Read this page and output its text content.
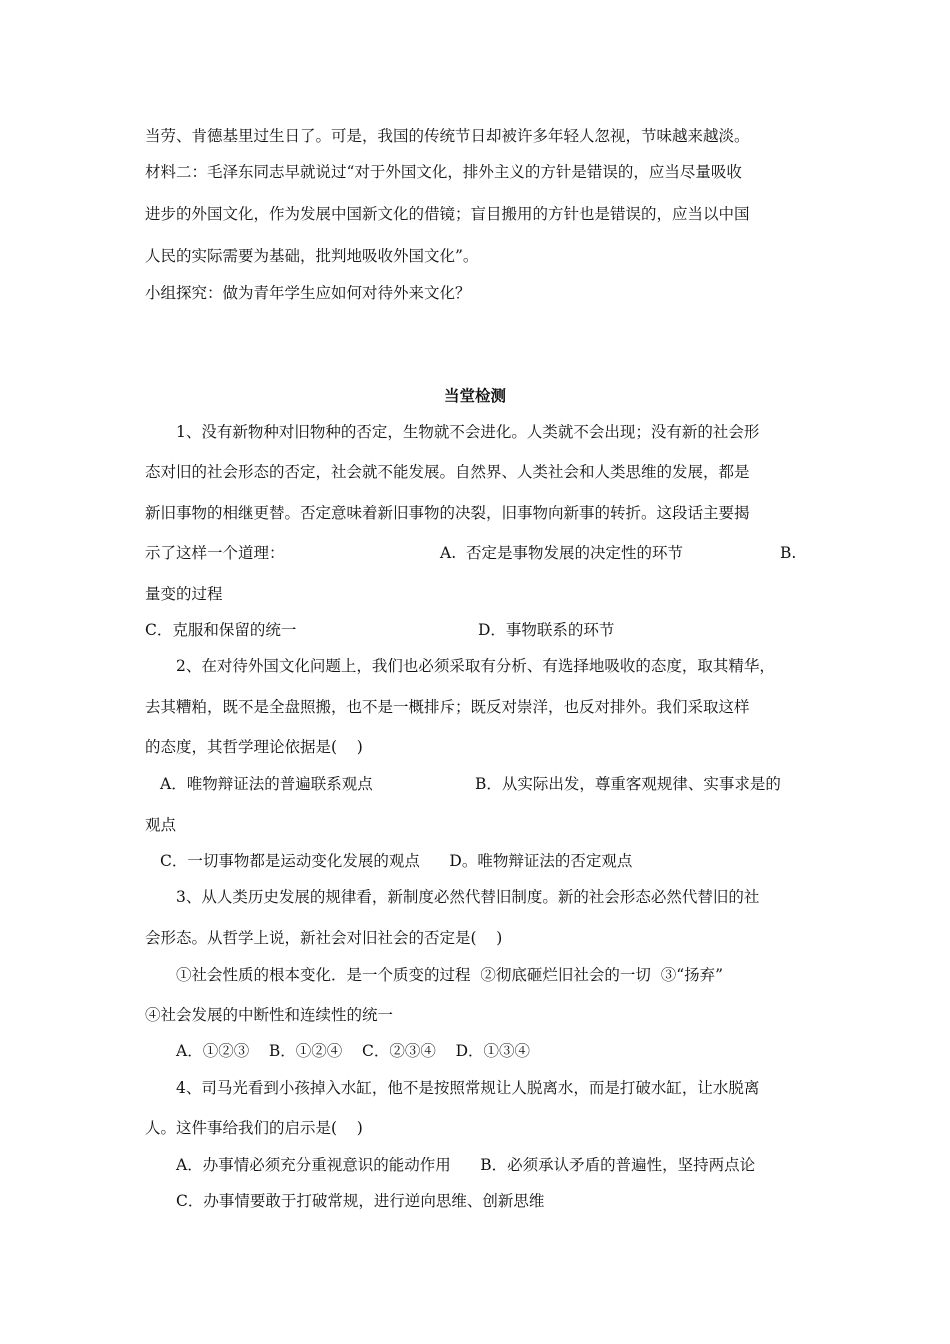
当劳、肯德基里过生日了。可是，我国的传统节日却被许多年轻人忽视，节味越来越淡。
材料二：毛泽东同志早就说过“对于外国文化，排外主义的方针是错误的，应当尽量吸收
进步的外国文化，作为发展中国新文化的借镜；盲目搬用的方针也是错误的，应当以中国
人民的实际需要为基础，批判地吸收外国文化”。
小组探究：做为青年学生应如何对待外来文化？
当堂检测
1、没有新物种对旧物种的否定，生物就不会进化。人类就不会出现；没有新的社会形
态对旧的社会形态的否定，社会就不能发展。自然界、人类社会和人类思维的发展，都是
新旧事物的相继更替。否定意味着新旧事物的决裂，旧事物向新事的转折。这段话主要揭
示了这样一个道理：	A.  否定是事物发展的决定性的环节	B.
量变的过程
C．克服和保留的统一	D．事物联系的环节
2、在对待外国文化问题上，我们也必须采取有分析、有选择地吸收的态度，取其精华，
去其糟粕，既不是全盘照搬，也不是一概排斥；既反对崇洋，也反对排外。我们采取这样
的态度，其哲学理论依据是(    )
A．唯物辩证法的普遍联系观点	B．从实际出发，尊重客观规律、实事求是的
观点
C．一切事物都是运动变化发展的观点      D。唯物辩证法的否定观点
3、从人类历史发展的规律看，新制度必然代替旧制度。新的社会形态必然代替旧的社
会形态。从哲学上说，新社会对旧社会的否定是(    )
①社会性质的根本变化．是一个质变的过程  ②彻底砸烂旧社会的一切  ③“扬弃”
④社会发展的中断性和连续性的统一
A．①②③    B．①②④    C．②③④    D．①③④
4、司马光看到小孩掉入水缸，他不是按照常规让人脱离水，而是打破水缸，让水脱离
人。这件事给我们的启示是(    )
A．办事情必须充分重视意识的能动作用      B．必须承认矛盾的普遍性，坚持两点论
C．办事情要敢于打破常规，进行逆向思维、创新思维
